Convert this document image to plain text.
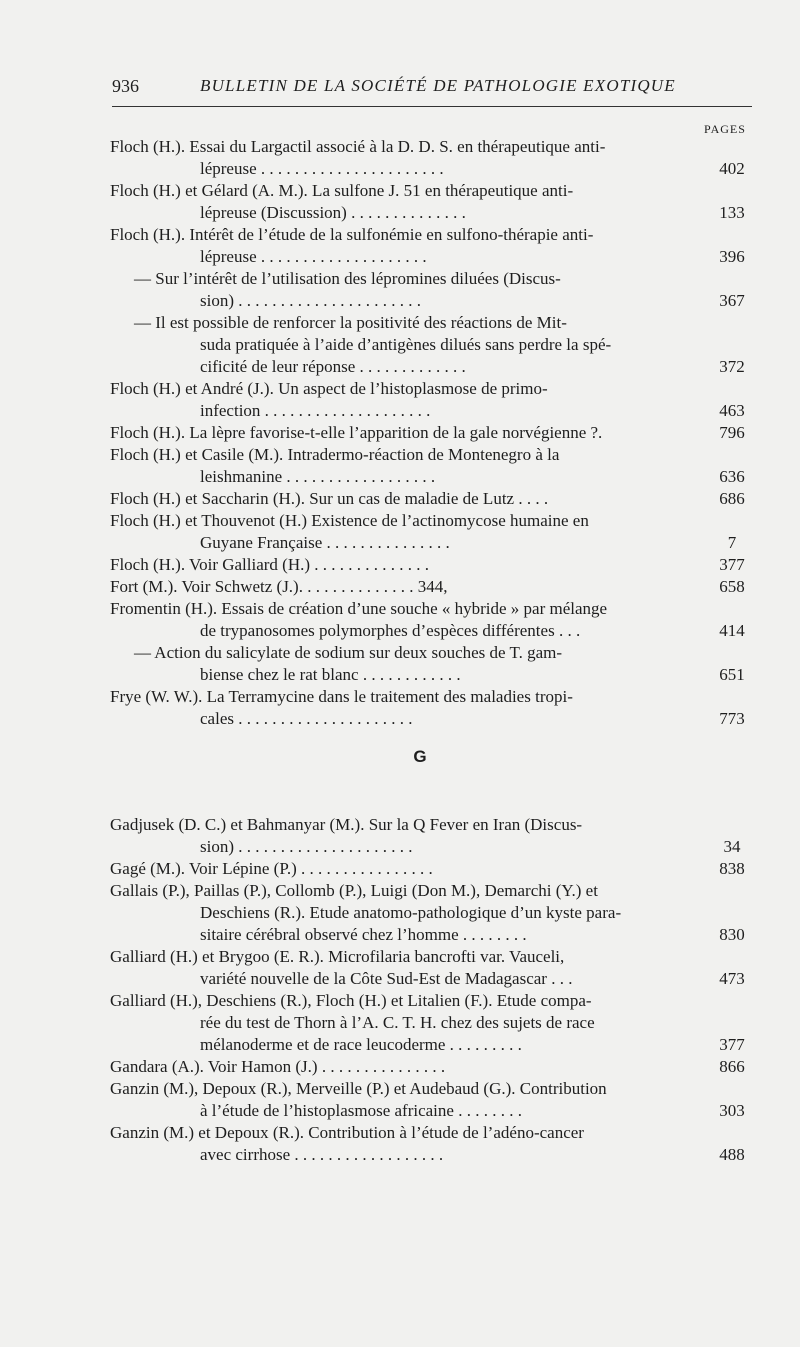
936	BULLETIN DE LA SOCIÉTÉ DE PATHOLOGIE EXOTIQUE
PAGES
Floch (H.). Essai du Largactil associé à la D. D. S. en thérapeutique anti-
lépreuse . . . . . . . . . . . . . . . . . . . . . .	402
Floch (H.) et Gélard (A. M.). La sulfone J. 51 en thérapeutique anti-
lépreuse (Discussion) . . . . . . . . . . . . . .	133
Floch (H.). Intérêt de l’étude de la sulfonémie en sulfono-thérapie anti-
lépreuse . . . . . . . . . . . . . . . . . . . .	396
— Sur l’intérêt de l’utilisation des lépromines diluées (Discus-
sion) . . . . . . . . . . . . . . . . . . . . . .	367
— Il est possible de renforcer la positivité des réactions de Mit-
suda pratiquée à l’aide d’antigènes dilués sans perdre la spé-
cificité de leur réponse . . . . . . . . . . . . .	372
Floch (H.) et André (J.). Un aspect de l’histoplasmose de primo-
infection . . . . . . . . . . . . . . . . . . . .	463
Floch (H.). La lèpre favorise-t-elle l’apparition de la gale norvégienne ?.	796
Floch (H.) et Casile (M.). Intradermo-réaction de Montenegro à la
leishmanine . . . . . . . . . . . . . . . . . .	636
Floch (H.) et Saccharin (H.). Sur un cas de maladie de Lutz . . . .	686
Floch (H.) et Thouvenot (H.) Existence de l’actinomycose humaine en
Guyane Française . . . . . . . . . . . . . . .	7
Floch (H.). Voir Galliard (H.) . . . . . . . . . . . . . .	377
Fort (M.). Voir Schwetz (J.). . . . . . . . . . . . . . 344,	658
Fromentin (H.). Essais de création d’une souche « hybride » par mélange
de trypanosomes polymorphes d’espèces différentes . . .	414
— Action du salicylate de sodium sur deux souches de T. gam-
biense chez le rat blanc . . . . . . . . . . . .	651
Frye (W. W.). La Terramycine dans le traitement des maladies tropi-
cales . . . . . . . . . . . . . . . . . . . . .	773
G
Gadjusek (D. C.) et Bahmanyar (M.). Sur la Q Fever en Iran (Discus-
sion) . . . . . . . . . . . . . . . . . . . . .	34
Gagé (M.). Voir Lépine (P.) . . . . . . . . . . . . . . . .	838
Gallais (P.), Paillas (P.), Collomb (P.), Luigi (Don M.), Demarchi (Y.) et
Deschiens (R.). Etude anatomo-pathologique d’un kyste para-
sitaire cérébral observé chez l’homme . . . . . . . .	830
Galliard (H.) et Brygoo (E. R.). Microfilaria bancrofti var. Vauceli,
variété nouvelle de la Côte Sud-Est de Madagascar . . .	473
Galliard (H.), Deschiens (R.), Floch (H.) et Litalien (F.). Etude compa-
rée du test de Thorn à l’A. C. T. H. chez des sujets de race
mélanoderme et de race leucoderme . . . . . . . . .	377
Gandara (A.). Voir Hamon (J.) . . . . . . . . . . . . . . .	866
Ganzin (M.), Depoux (R.), Merveille (P.) et Audebaud (G.). Contribution
à l’étude de l’histoplasmose africaine . . . . . . . .	303
Ganzin (M.) et Depoux (R.). Contribution à l’étude de l’adéno-cancer
avec cirrhose . . . . . . . . . . . . . . . . . .	488
